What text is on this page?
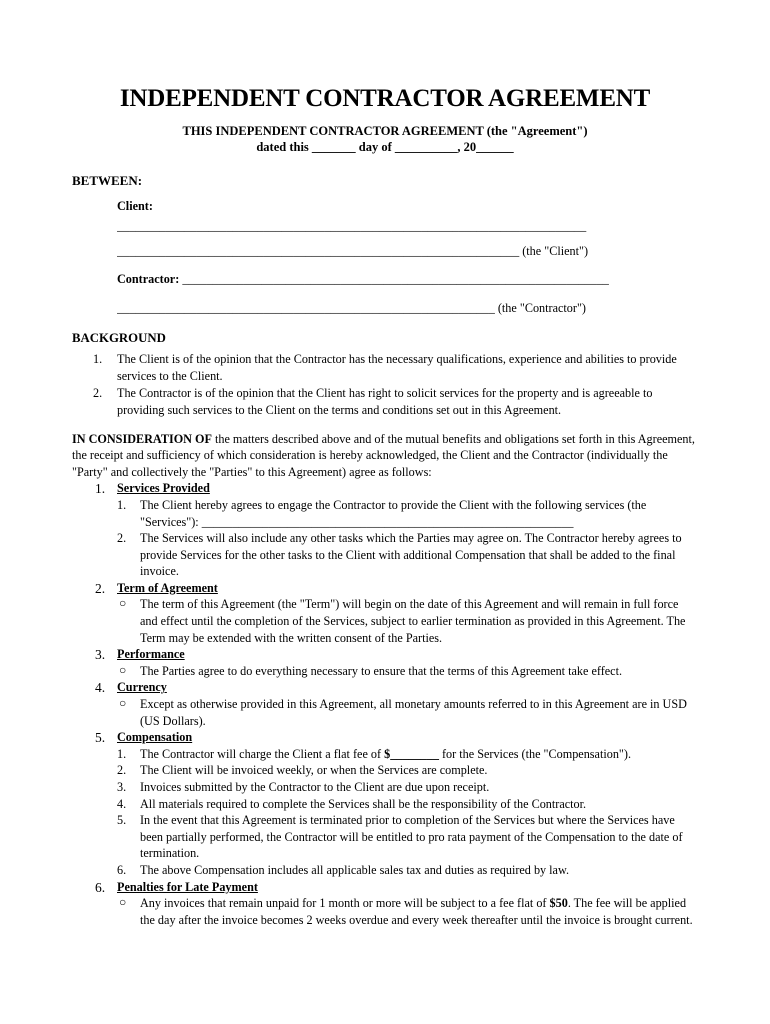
INDEPENDENT CONTRACTOR AGREEMENT
THIS INDEPENDENT CONTRACTOR AGREEMENT (the "Agreement")
dated this _______ day of __________, 20______
BETWEEN:
Client:
_____________________________________________________________________________
__________________________________________________________________ (the "Client")
Contractor: ______________________________________________________________________
______________________________________________________________ (the "Contractor")
BACKGROUND
1. The Client is of the opinion that the Contractor has the necessary qualifications, experience and abilities to provide services to the Client.
2. The Contractor is of the opinion that the Client has right to solicit services for the property and is agreeable to providing such services to the Client on the terms and conditions set out in this Agreement.
IN CONSIDERATION OF the matters described above and of the mutual benefits and obligations set forth in this Agreement, the receipt and sufficiency of which consideration is hereby acknowledged, the Client and the Contractor (individually the "Party" and collectively the "Parties" to this Agreement) agree as follows:
1. Services Provided
1. The Client hereby agrees to engage the Contractor to provide the Client with the following services (the "Services"): _____________________________________________________________
2. The Services will also include any other tasks which the Parties may agree on. The Contractor hereby agrees to provide Services for the other tasks to the Client with additional Compensation that shall be added to the final invoice.
2. Term of Agreement
○ The term of this Agreement (the "Term") will begin on the date of this Agreement and will remain in full force and effect until the completion of the Services, subject to earlier termination as provided in this Agreement. The Term may be extended with the written consent of the Parties.
3. Performance
○ The Parties agree to do everything necessary to ensure that the terms of this Agreement take effect.
4. Currency
○ Except as otherwise provided in this Agreement, all monetary amounts referred to in this Agreement are in USD (US Dollars).
5. Compensation
1. The Contractor will charge the Client a flat fee of $________ for the Services (the "Compensation").
2. The Client will be invoiced weekly, or when the Services are complete.
3. Invoices submitted by the Contractor to the Client are due upon receipt.
4. All materials required to complete the Services shall be the responsibility of the Contractor.
5. In the event that this Agreement is terminated prior to completion of the Services but where the Services have been partially performed, the Contractor will be entitled to pro rata payment of the Compensation to the date of termination.
6. The above Compensation includes all applicable sales tax and duties as required by law.
6. Penalties for Late Payment
○ Any invoices that remain unpaid for 1 month or more will be subject to a fee flat of $50. The fee will be applied the day after the invoice becomes 2 weeks overdue and every week thereafter until the invoice is brought current.
